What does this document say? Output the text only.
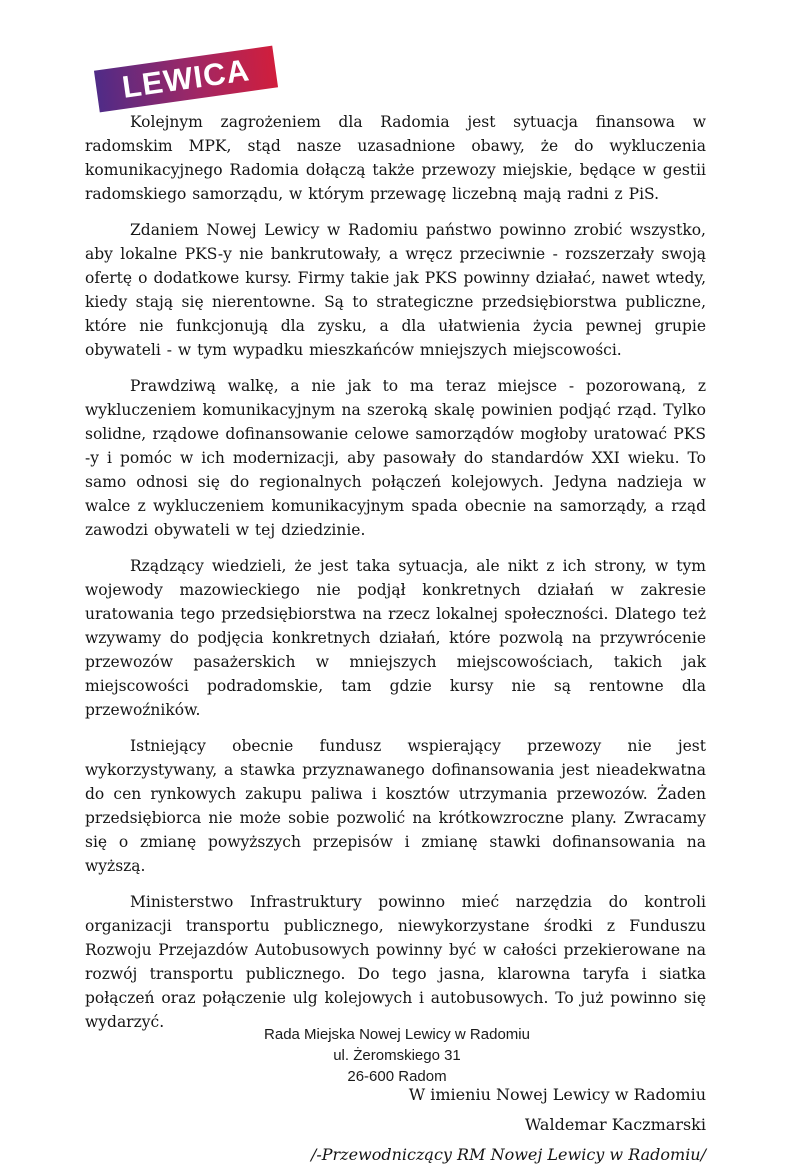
LEWICA

Kolejnym zagrożeniem dla Radomia jest sytuacja finansowa w radomskim MPK, stąd nasze uzasadnione obawy, że do wykluczenia komunikacyjnego Radomia dołączą także przewozy miejskie, będące w gestii radomskiego samorządu, w którym przewagę liczebną mają radni z PiS.

Zdaniem Nowej Lewicy w Radomiu państwo powinno zrobić wszystko, aby lokalne PKS-y nie bankrutowały, a wręcz przeciwnie - rozszerzały swoją ofertę o dodatkowe kursy. Firmy takie jak PKS powinny działać, nawet wtedy, kiedy stają się nierentowne. Są to strategiczne przedsiębiorstwa publiczne, które nie funkcjonują dla zysku, a dla ułatwienia życia pewnej grupie obywateli - w tym wypadku mieszkańców mniejszych miejscowości.

Prawdziwą walkę, a nie jak to ma teraz miejsce - pozorowaną, z wykluczeniem komunikacyjnym na szeroką skalę powinien podjąć rząd. Tylko solidne, rządowe dofinansowanie celowe samorządów mogłoby uratować PKS -y i pomóc w ich modernizacji, aby pasowały do standardów XXI wieku. To samo odnosi się do regionalnych połączeń kolejowych. Jedyna nadzieja w walce z wykluczeniem komunikacyjnym spada obecnie na samorządy, a rząd zawodzi obywateli w tej dziedzinie.

Rządzący wiedzieli, że jest taka sytuacja, ale nikt z ich strony, w tym wojewody mazowieckiego nie podjął konkretnych działań w zakresie uratowania tego przedsiębiorstwa na rzecz lokalnej społeczności. Dlatego też wzywamy do podjęcia konkretnych działań, które pozwolą na przywrócenie przewozów pasażerskich w mniejszych miejscowościach, takich jak miejscowości podradomskie, tam gdzie kursy nie są rentowne dla przewoźników.

Istniejący obecnie fundusz wspierający przewozy nie jest wykorzystywany, a stawka przyznawanego dofinansowania jest nieadekwatna do cen rynkowych zakupu paliwa i kosztów utrzymania przewozów. Żaden przedsiębiorca nie może sobie pozwolić na krótkowzroczne plany. Zwracamy się o zmianę powyższych przepisów i zmianę stawki dofinansowania na wyższą.

Ministerstwo Infrastruktury powinno mieć narzędzia do kontroli organizacji transportu publicznego, niewykorzystane środki z Funduszu Rozwoju Przejazdów Autobusowych powinny być w całości przekierowane na rozwój transportu publicznego. Do tego jasna, klarowna taryfa i siatka połączeń oraz połączenie ulg kolejowych i autobusowych. To już powinno się wydarzyć.

W imieniu Nowej Lewicy w Radomiu
Waldemar Kaczmarski
/-Przewodniczący RM Nowej Lewicy w Radomiu/
Rada Miejska Nowej Lewicy w Radomiu
ul. Żeromskiego 31
26-600 Radom
